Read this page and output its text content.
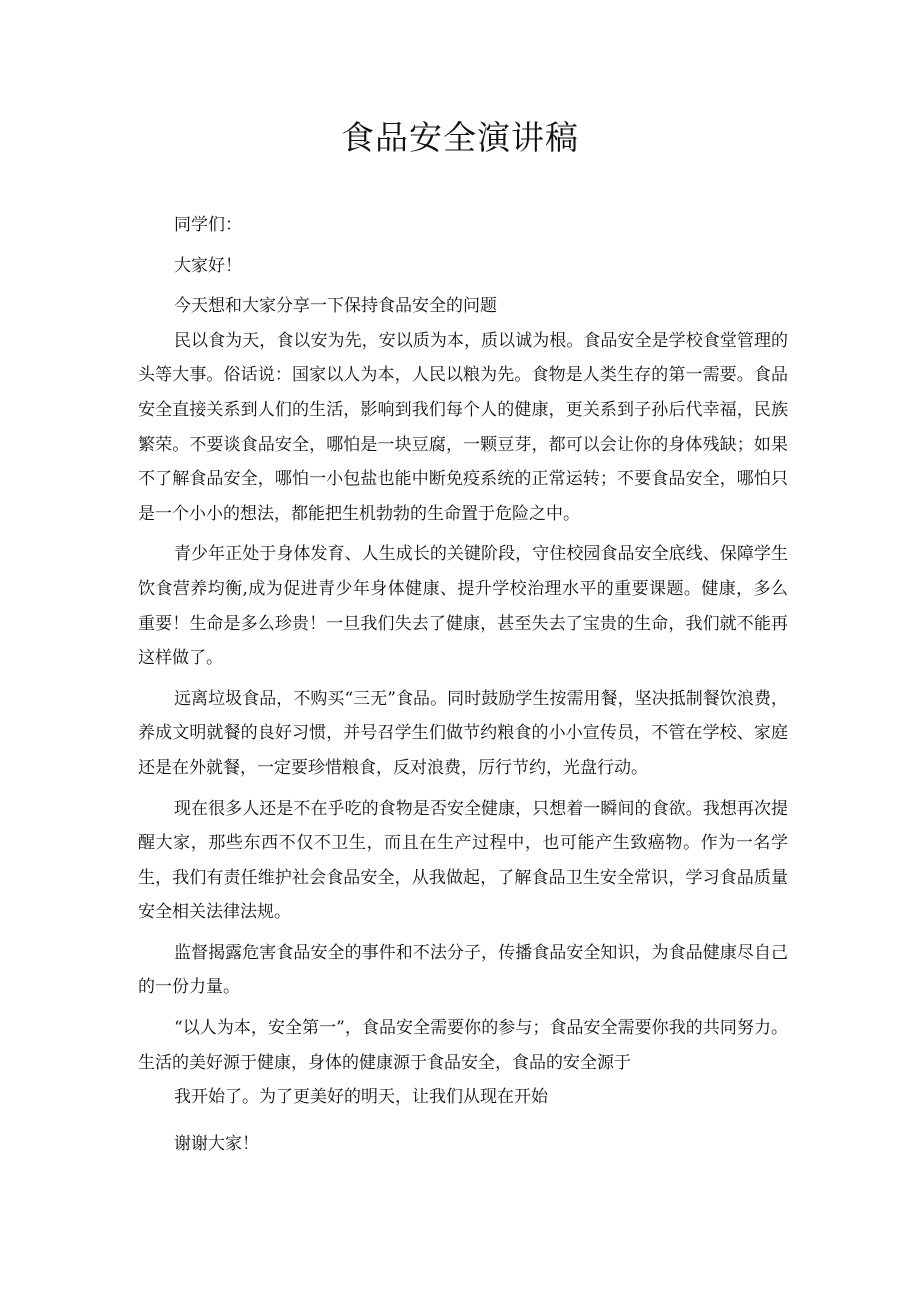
食品安全演讲稿

同学们：

大家好！

今天想和大家分享一下保持食品安全的问题

民以食为天，食以安为先，安以质为本，质以诚为根。食品安全是学校食堂管理的头等大事。俗话说：国家以人为本，人民以粮为先。食物是人类生存的第一需要。食品安全直接关系到人们的生活，影响到我们每个人的健康，更关系到子孙后代幸福，民族繁荣。不要谈食品安全，哪怕是一块豆腐，一颗豆芽，都可以会让你的身体残缺；如果不了解食品安全，哪怕一小包盐也能中断免疫系统的正常运转；不要食品安全，哪怕只是一个小小的想法，都能把生机勃勃的生命置于危险之中。

青少年正处于身体发育、人生成长的关键阶段，守住校园食品安全底线、保障学生饮食营养均衡,成为促进青少年身体健康、提升学校治理水平的重要课题。健康，多么重要！生命是多么珍贵！一旦我们失去了健康，甚至失去了宝贵的生命，我们就不能再这样做了。

远离垃圾食品，不购买“三无”食品。同时鼓励学生按需用餐，坚决抵制餐饮浪费，养成文明就餐的良好习惯，并号召学生们做节约粮食的小小宣传员，不管在学校、家庭还是在外就餐，一定要珍惜粮食，反对浪费，厉行节约，光盘行动。

现在很多人还是不在乎吃的食物是否安全健康，只想着一瞬间的食欲。我想再次提醒大家，那些东西不仅不卫生，而且在生产过程中，也可能产生致癌物。作为一名学生，我们有责任维护社会食品安全，从我做起，了解食品卫生安全常识，学习食品质量安全相关法律法规。

监督揭露危害食品安全的事件和不法分子，传播食品安全知识，为食品健康尽自己的一份力量。

“以人为本，安全第一”，食品安全需要你的参与；食品安全需要你我的共同努力。生活的美好源于健康，身体的健康源于食品安全，食品的安全源于

我开始了。为了更美好的明天，让我们从现在开始

谢谢大家！
